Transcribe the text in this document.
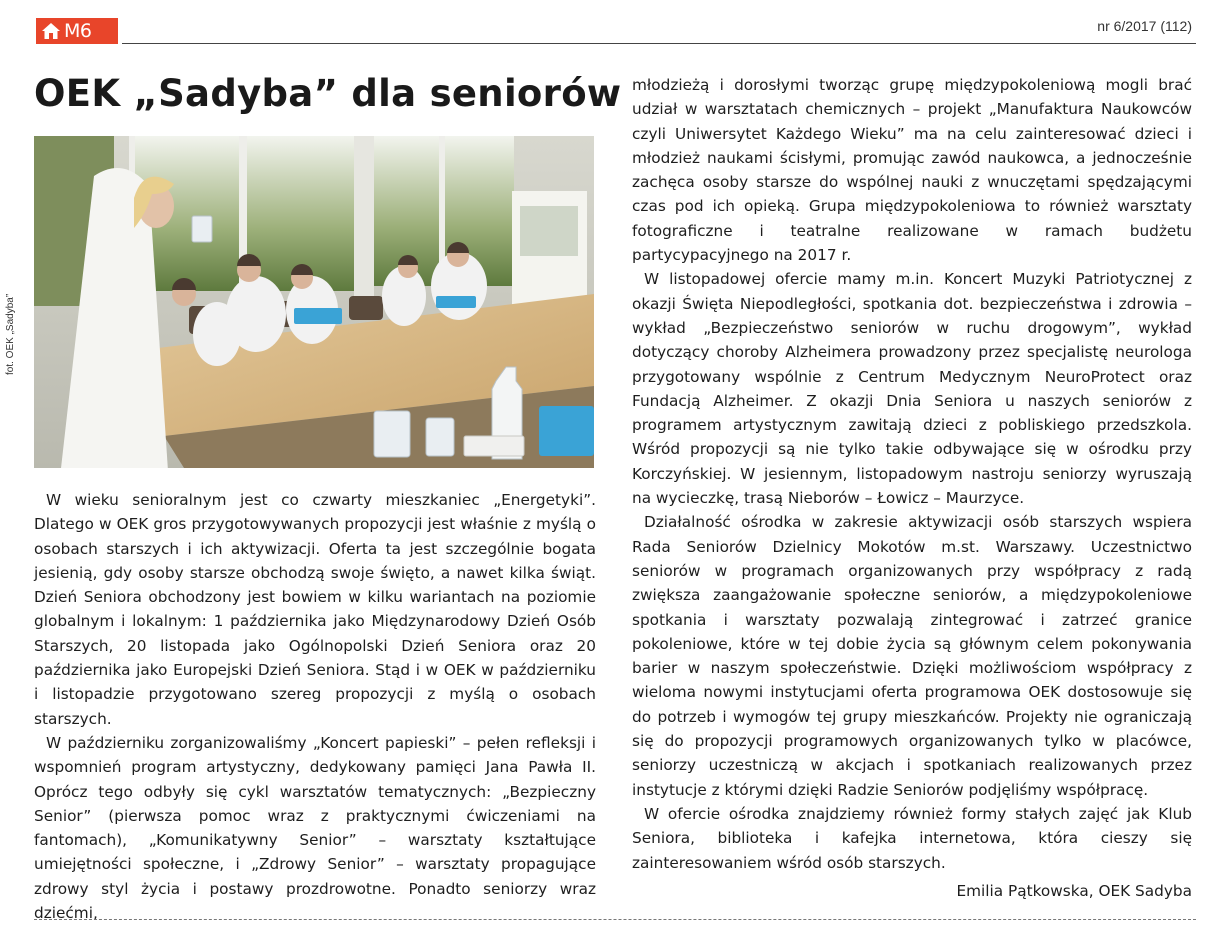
M6	nr 6/2017 (112)
OEK „Sadyba” dla seniorów
fot. OEK „Sadyba”

W wieku senioralnym jest co czwarty mieszkaniec „Energetyki”. Dlatego w OEK gros przygotowywanych propozycji jest właśnie z myślą o osobach starszych i ich aktywizacji. Oferta ta jest szczególnie bogata jesienią, gdy osoby starsze obchodzą swoje święto, a nawet kilka świąt. Dzień Seniora obchodzony jest bowiem w kilku wariantach na poziomie globalnym i lokalnym: 1 października jako Międzynarodowy Dzień Osób Starszych, 20 listopada jako Ogólnopolski Dzień Seniora oraz 20 października jako Europejski Dzień Seniora. Stąd i w OEK w październiku i listopadzie przygotowano szereg propozycji z myślą o osobach starszych.

W październiku zorganizowaliśmy „Koncert papieski” – pełen refleksji i wspomnień program artystyczny, dedykowany pamięci Jana Pawła II. Oprócz tego odbyły się cykl warsztatów tematycznych: „Bezpieczny Senior” (pierwsza pomoc wraz z praktycznymi ćwiczeniami na fantomach), „Komunikatywny Senior” – warsztaty kształtujące umiejętności społeczne, i „Zdrowy Senior” – warsztaty propagujące zdrowy styl życia i postawy prozdrowotne. Ponadto seniorzy wraz dziećmi,

młodzieżą i dorosłymi tworząc grupę międzypokoleniową mogli brać udział w warsztatach chemicznych – projekt „Manufaktura Naukowców czyli Uniwersytet Każdego Wieku” ma na celu zainteresować dzieci i młodzież naukami ścisłymi, promując zawód naukowca, a jednocześnie zachęca osoby starsze do wspólnej nauki z wnuczętami spędzającymi czas pod ich opieką. Grupa międzypokoleniowa to również warsztaty fotograficzne i teatralne realizowane w ramach budżetu partycypacyjnego na 2017 r.

W listopadowej ofercie mamy m.in. Koncert Muzyki Patriotycznej z okazji Święta Niepodległości, spotkania dot. bezpieczeństwa i zdrowia – wykład „Bezpieczeństwo seniorów w ruchu drogowym”, wykład dotyczący choroby Alzheimera prowadzony przez specjalistę neurologa przygotowany wspólnie z Centrum Medycznym NeuroProtect oraz Fundacją Alzheimer. Z okazji Dnia Seniora u naszych seniorów z programem artystycznym zawitają dzieci z pobliskiego przedszkola. Wśród propozycji są nie tylko takie odbywające się w ośrodku przy Korczyńskiej. W jesiennym, listopadowym nastroju seniorzy wyruszają na wycieczkę, trasą Nieborów – Łowicz – Maurzyce.

Działalność ośrodka w zakresie aktywizacji osób starszych wspiera Rada Seniorów Dzielnicy Mokotów m.st. Warszawy. Uczestnictwo seniorów w programach organizowanych przy współpracy z radą zwiększa zaangażowanie społeczne seniorów, a międzypokoleniowe spotkania i warsztaty pozwalają zintegrować i zatrzeć granice pokoleniowe, które w tej dobie życia są głównym celem pokonywania barier w naszym społeczeństwie. Dzięki możliwościom współpracy z wieloma nowymi instytucjami oferta programowa OEK dostosowuje się do potrzeb i wymogów tej grupy mieszkańców. Projekty nie ograniczają się do propozycji programowych organizowanych tylko w placówce, seniorzy uczestniczą w akcjach i spotkaniach realizowanych przez instytucje z którymi dzięki Radzie Seniorów podjęliśmy współpracę.

W ofercie ośrodka znajdziemy również formy stałych zajęć jak Klub Seniora, biblioteka i kafejka internetowa, która cieszy się zainteresowaniem wśród osób starszych.

Emilia Pątkowska, OEK Sadyba
